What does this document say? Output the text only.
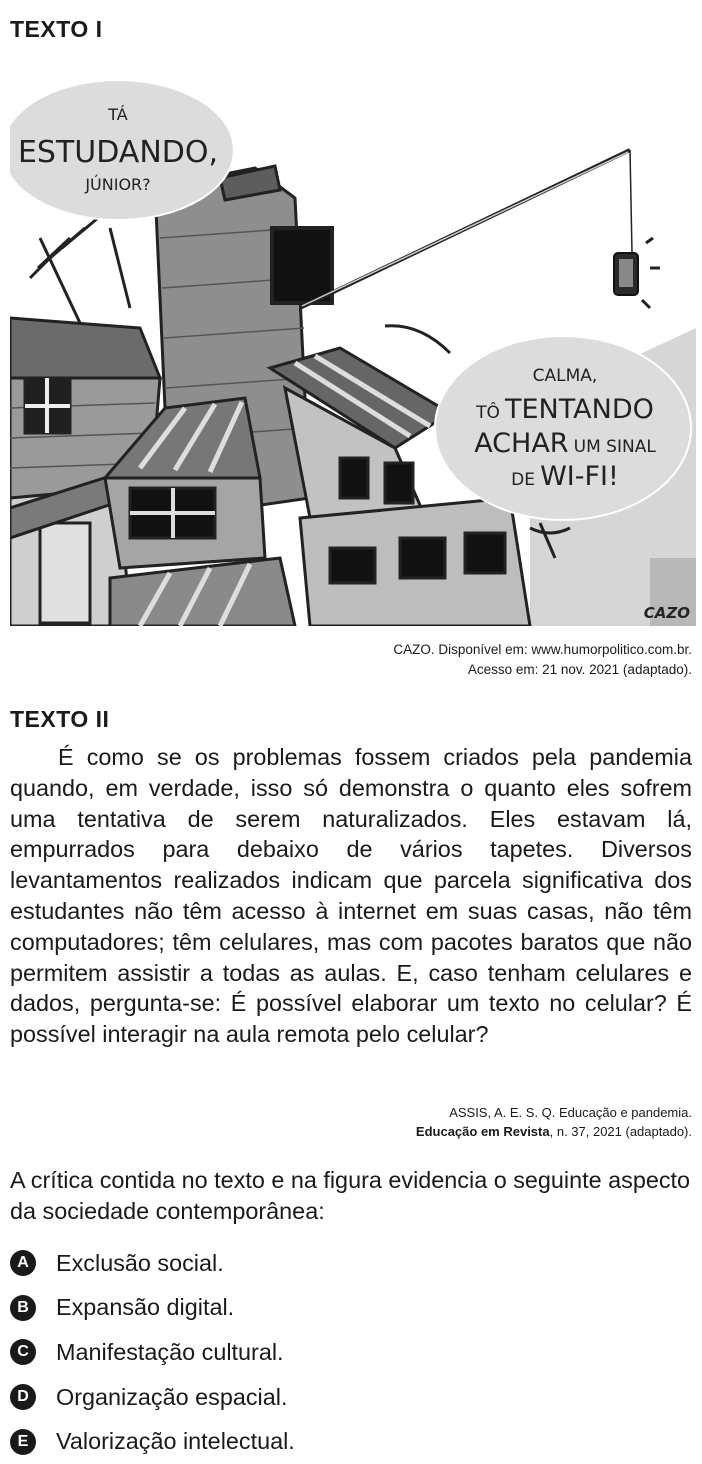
TEXTO I
TÁ
ESTUDANDO,
JÚNIOR?
CALMA,
TÔ TENTANDO
ACHAR UM SINAL
DE WI-FI!
CAZO
CAZO. Disponível em: www.humorpolitico.com.br.
Acesso em: 21 nov. 2021 (adaptado).
TEXTO II

É como se os problemas fossem criados pela pandemia quando, em verdade, isso só demonstra o quanto eles sofrem uma tentativa de serem naturalizados. Eles estavam lá, empurrados para debaixo de vários tapetes. Diversos levantamentos realizados indicam que parcela significativa dos estudantes não têm acesso à internet em suas casas, não têm computadores; têm celulares, mas com pacotes baratos que não permitem assistir a todas as aulas. E, caso tenham celulares e dados, pergunta-se: É possível elaborar um texto no celular? É possível interagir na aula remota pelo celular?

ASSIS, A. E. S. Q. Educação e pandemia.
Educação em Revista, n. 37, 2021 (adaptado).

A crítica contida no texto e na figura evidencia o seguinte aspecto da sociedade contemporânea:

A	Exclusão social.
B	Expansão digital.
C	Manifestação cultural.
D	Organização espacial.
E	Valorização intelectual.
